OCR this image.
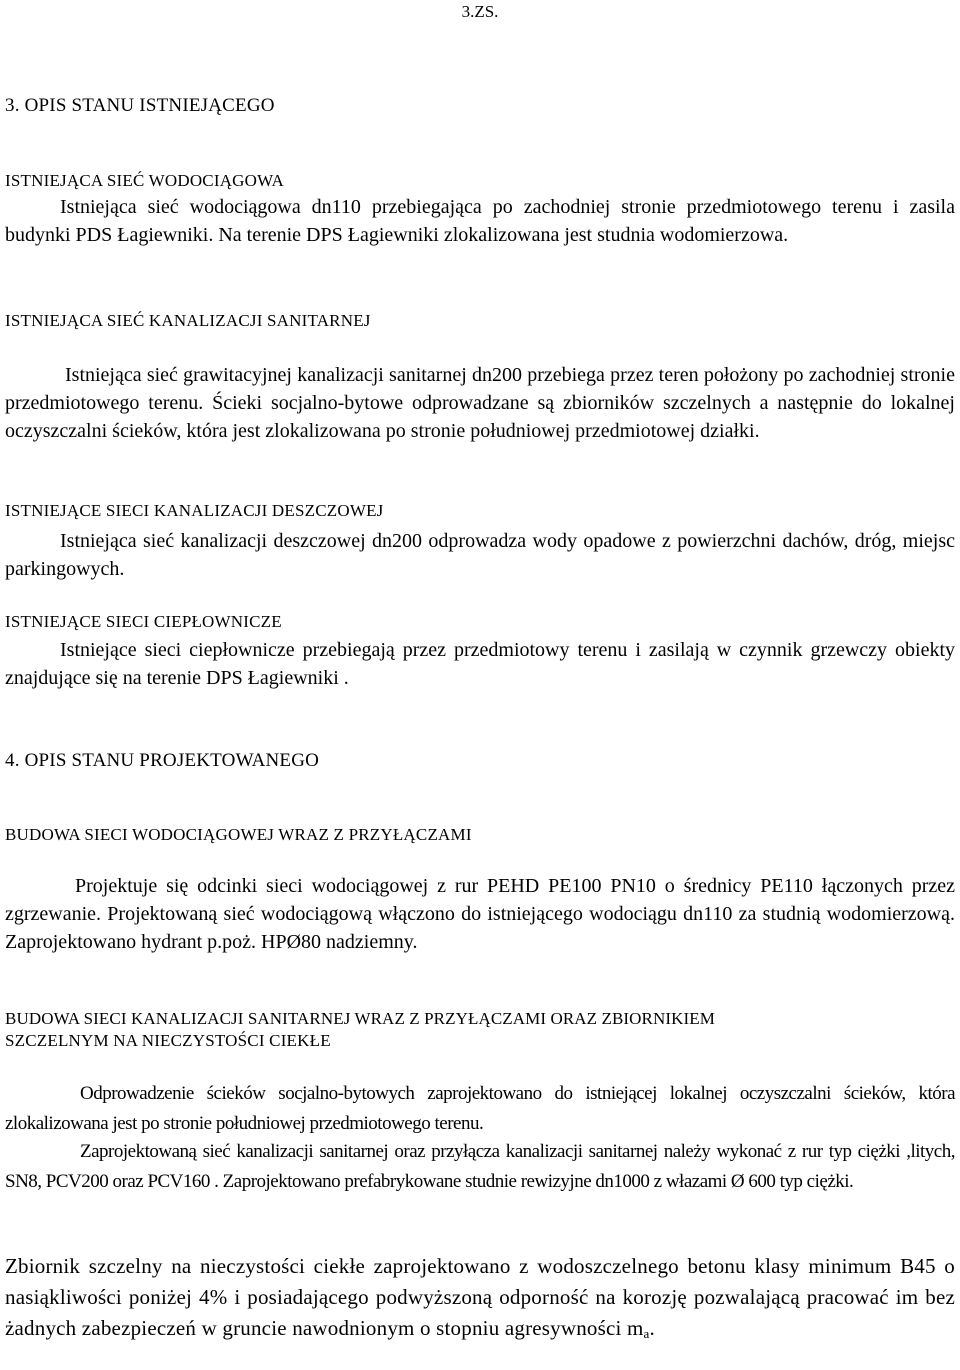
3.ZS.

3. OPIS STANU ISTNIEJĄCEGO

ISTNIEJĄCA SIEĆ WODOCIĄGOWA

Istniejąca sieć wodociągowa dn110 przebiegająca po zachodniej stronie przedmiotowego terenu i zasila budynki PDS Łagiewniki. Na terenie DPS Łagiewniki zlokalizowana jest studnia wodomierzowa.

ISTNIEJĄCA SIEĆ KANALIZACJI SANITARNEJ

Istniejąca sieć grawitacyjnej kanalizacji sanitarnej dn200 przebiega przez teren położony po zachodniej stronie przedmiotowego terenu. Ścieki socjalno-bytowe odprowadzane są zbiorników szczelnych a następnie do lokalnej oczyszczalni ścieków, która jest zlokalizowana po stronie południowej przedmiotowej działki.

ISTNIEJĄCE SIECI KANALIZACJI DESZCZOWEJ

Istniejąca sieć kanalizacji deszczowej dn200 odprowadza wody opadowe z powierzchni dachów, dróg, miejsc parkingowych.

ISTNIEJĄCE SIECI CIEPŁOWNICZE

Istniejące sieci ciepłownicze przebiegają przez przedmiotowy terenu i zasilają w czynnik grzewczy obiekty znajdujące się na terenie DPS Łagiewniki .

4. OPIS STANU PROJEKTOWANEGO

BUDOWA SIECI WODOCIĄGOWEJ WRAZ Z PRZYŁĄCZAMI

Projektuje się odcinki sieci wodociągowej z rur PEHD PE100 PN10 o średnicy PE110 łączonych przez zgrzewanie. Projektowaną sieć wodociągową włączono do istniejącego wodociągu dn110 za studnią wodomierzową. Zaprojektowano hydrant p.poż. HPØ80 nadziemny.

BUDOWA SIECI KANALIZACJI SANITARNEJ WRAZ Z PRZYŁĄCZAMI ORAZ ZBIORNIKIEM

SZCZELNYM NA NIECZYSTOŚCI CIEKŁE

Odprowadzenie ścieków socjalno-bytowych zaprojektowano do istniejącej lokalnej oczyszczalni ścieków, która zlokalizowana jest po stronie południowej przedmiotowego terenu.

Zaprojektowaną sieć kanalizacji sanitarnej oraz przyłącza kanalizacji sanitarnej należy wykonać z rur typ ciężki ,litych, SN8, PCV200 oraz PCV160 . Zaprojektowano prefabrykowane studnie rewizyjne dn1000 z włazami Ø 600 typ ciężki.

Zbiornik szczelny na nieczystości ciekłe zaprojektowano z wodoszczelnego betonu klasy minimum B45 o nasiąkliwości poniżej 4% i posiadającego podwyższoną odporność na korozję pozwalającą pracować im bez żadnych zabezpieczeń w gruncie nawodnionym o stopniu agresywności $m_a$.
